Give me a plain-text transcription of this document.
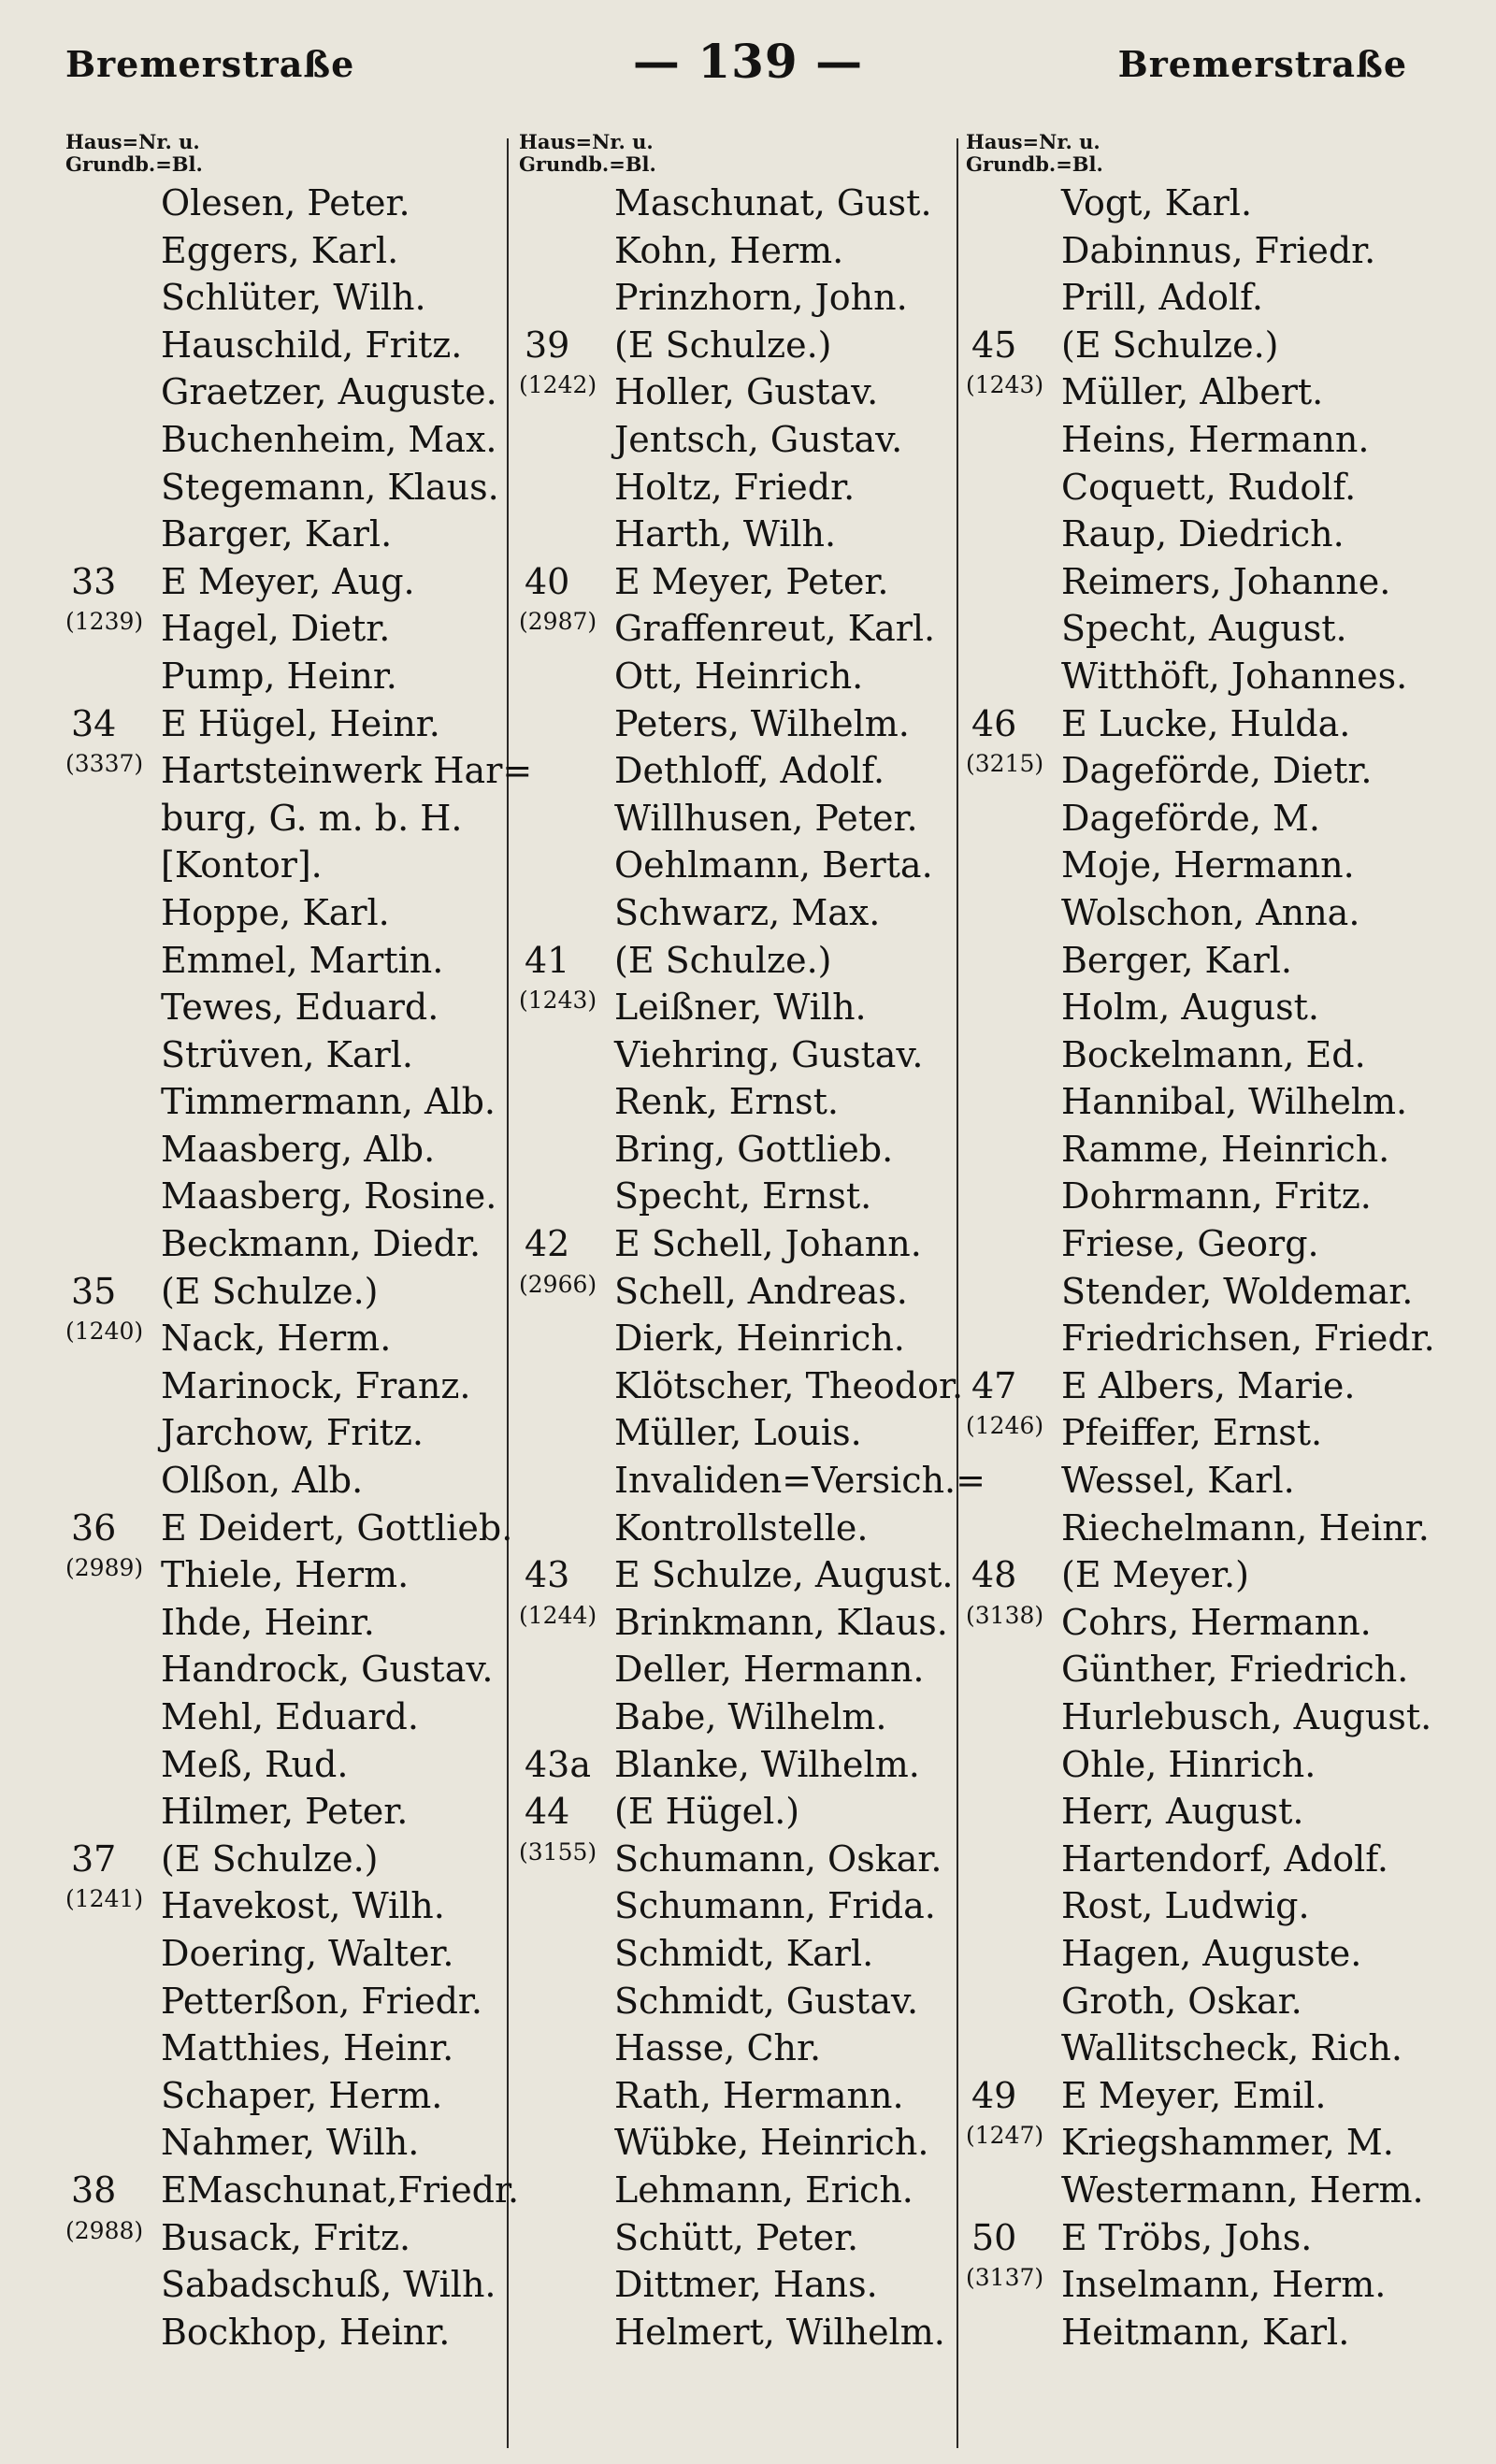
Bremerstraße	— 139 —	Bremerstraße
Haus=Nr. u.
Grundb.=Bl.
Olesen, Peter.
Eggers, Karl.
Schlüter, Wilh.
Hauschild, Fritz.
Graetzer, Auguste.
Buchenheim, Max.
Stegemann, Klaus.
Barger, Karl.
33 E Meyer, Aug.
(1239) Hagel, Dietr.
Pump, Heinr.
34 E Hügel, Heinr.
(3337) Hartsteinwerk Har=
burg, G. m. b. H.
[Kontor].
Hoppe, Karl.
Emmel, Martin.
Tewes, Eduard.
Strüven, Karl.
Timmermann, Alb.
Maasberg, Alb.
Maasberg, Rosine.
Beckmann, Diedr.
35 (E Schulze.)
(1240) Nack, Herm.
Marinock, Franz.
Jarchow, Fritz.
Olßon, Alb.
36 E Deidert, Gottlieb.
(2989) Thiele, Herm.
Ihde, Heinr.
Handrock, Gustav.
Mehl, Eduard.
Meß, Rud.
Hilmer, Peter.
37 (E Schulze.)
(1241) Havekost, Wilh.
Doering, Walter.
Petterßon, Friedr.
Matthies, Heinr.
Schaper, Herm.
Nahmer, Wilh.
38 EMaschunat,Friedr.
(2988) Busack, Fritz.
Sabadschuß, Wilh.
Bockhop, Heinr.
Haus=Nr. u.
Grundb.=Bl.
Maschunat, Gust.
Kohn, Herm.
Prinzhorn, John.
39 (E Schulze.)
(1242) Holler, Gustav.
Jentsch, Gustav.
Holtz, Friedr.
Harth, Wilh.
40 E Meyer, Peter.
(2987) Graffenreut, Karl.
Ott, Heinrich.
Peters, Wilhelm.
Dethloff, Adolf.
Willhusen, Peter.
Oehlmann, Berta.
Schwarz, Max.
41 (E Schulze.)
(1243) Leißner, Wilh.
Viehring, Gustav.
Renk, Ernst.
Bring, Gottlieb.
Specht, Ernst.
42 E Schell, Johann.
(2966) Schell, Andreas.
Dierk, Heinrich.
Klötscher, Theodor.
Müller, Louis.
Invaliden=Versich.=
Kontrollstelle.
43 E Schulze, August.
(1244) Brinkmann, Klaus.
Deller, Hermann.
Babe, Wilhelm.
43a Blanke, Wilhelm.
44 (E Hügel.)
(3155) Schumann, Oskar.
Schumann, Frida.
Schmidt, Karl.
Schmidt, Gustav.
Hasse, Chr.
Rath, Hermann.
Wübke, Heinrich.
Lehmann, Erich.
Schütt, Peter.
Dittmer, Hans.
Helmert, Wilhelm.
Haus=Nr. u.
Grundb.=Bl.
Vogt, Karl.
Dabinnus, Friedr.
Prill, Adolf.
45 (E Schulze.)
(1243) Müller, Albert.
Heins, Hermann.
Coquett, Rudolf.
Raup, Diedrich.
Reimers, Johanne.
Specht, August.
Witthöft, Johannes.
46 E Lucke, Hulda.
(3215) Dageförde, Dietr.
Dageförde, M.
Moje, Hermann.
Wolschon, Anna.
Berger, Karl.
Holm, August.
Bockelmann, Ed.
Hannibal, Wilhelm.
Ramme, Heinrich.
Dohrmann, Fritz.
Friese, Georg.
Stender, Woldemar.
Friedrichsen, Friedr.
47 E Albers, Marie.
(1246) Pfeiffer, Ernst.
Wessel, Karl.
Riechelmann, Heinr.
48 (E Meyer.)
(3138) Cohrs, Hermann.
Günther, Friedrich.
Hurlebusch, August.
Ohle, Hinrich.
Herr, August.
Hartendorf, Adolf.
Rost, Ludwig.
Hagen, Auguste.
Groth, Oskar.
Wallitscheck, Rich.
49 E Meyer, Emil.
(1247) Kriegshammer, M.
Westermann, Herm.
50 E Tröbs, Johs.
(3137) Inselmann, Herm.
Heitmann, Karl.
